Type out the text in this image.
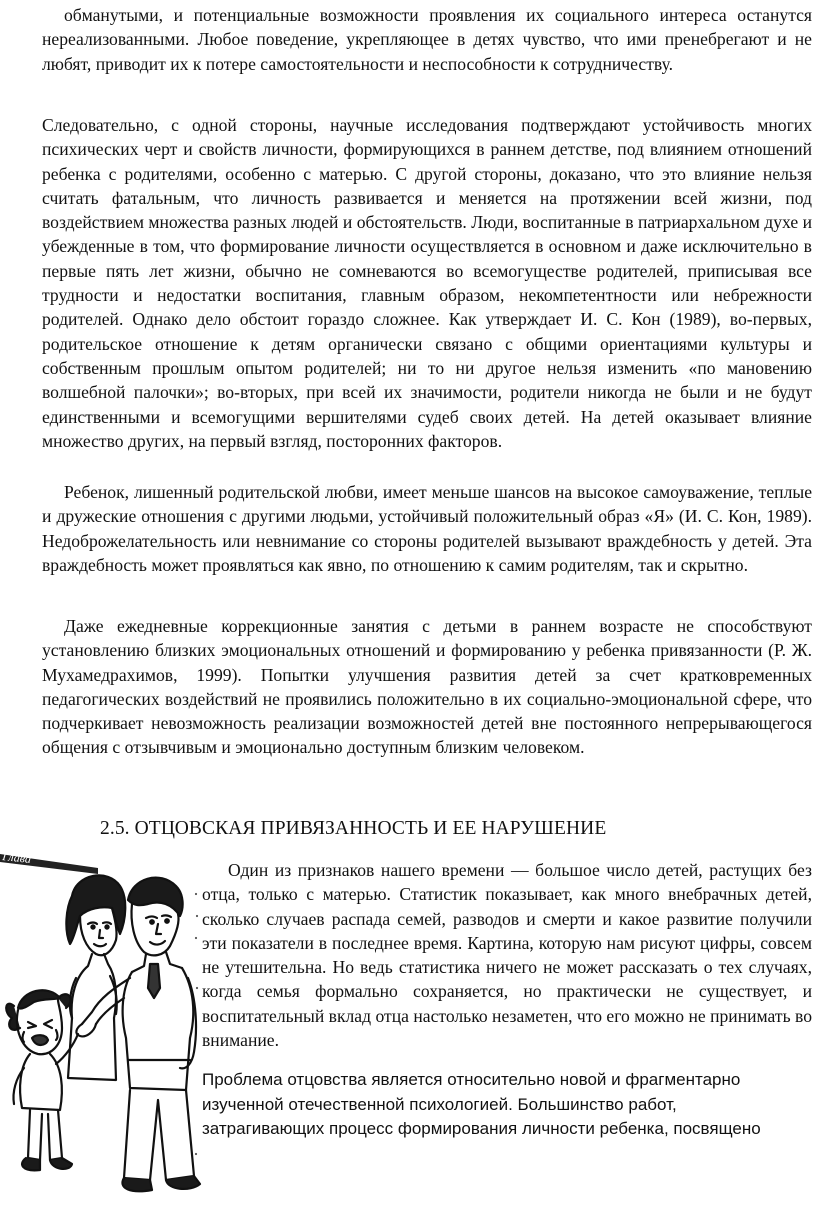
обманутыми, и потенциальные возможности проявления их социального интереса останутся нереализованными. Любое поведение, укрепляющее в детях чувство, что ими пренебрегают и не любят, приводит их к потере самостоятельности и неспособности к сотрудничеству.

Следовательно, с одной стороны, научные исследования подтверждают устойчивость многих психических черт и свойств личности, формирующихся в раннем детстве, под влиянием отношений ребенка с родителями, особенно с матерью. С другой стороны, доказано, что это влияние нельзя считать фатальным, что личность развивается и меняется на протяжении всей жизни, под воздействием множества разных людей и обстоятельств. Люди, воспитанные в патриархальном духе и убежденные в том, что формирование личности осуществляется в основном и даже исключительно в первые пять лет жизни, обычно не сомневаются во всемогуществе родителей, приписывая все трудности и недостатки воспитания, главным образом, некомпетентности или небрежности родителей. Однако дело обстоит гораздо сложнее. Как утверждает И. С. Кон (1989), во-первых, родительское отношение к детям органически связано с общими ориентациями культуры и собственным прошлым опытом родителей; ни то ни другое нельзя изменить «по мановению волшебной палочки»; во-вторых, при всей их значимости, родители никогда не были и не будут единственными и всемогущими вершителями судеб своих детей. На детей оказывает влияние множество других, на первый взгляд, посторонних факторов.

Ребенок, лишенный родительской любви, имеет меньше шансов на высокое самоуважение, теплые и дружеские отношения с другими людьми, устойчивый положительный образ «Я» (И. С. Кон, 1989). Недоброжелательность или невнимание со стороны родителей вызывают враждебность у детей. Эта враждебность может проявляться как явно, по отношению к самим родителям, так и скрытно.

Даже ежедневные коррекционные занятия с детьми в раннем возрасте не способствуют установлению близких эмоциональных отношений и формированию у ребенка привязанности (Р. Ж. Мухамедрахимов, 1999). Попытки улучшения развития детей за счет кратковременных педагогических воздействий не проявились положительно в их социально-эмоциональной сфере, что подчеркивает невозможность реализации возможностей детей вне постоянного непрерывающегося общения с отзывчивым и эмоционально доступным близким человеком.

2.5. ОТЦОВСКАЯ ПРИВЯЗАННОСТЬ И ЕЕ НАРУШЕНИЕ

Один из признаков нашего времени — большое число детей, растущих без отца, только с матерью. Статистик показывает, как много внебрачных детей, сколько случаев распада семей, разводов и смерти и какое развитие получили эти показатели в последнее время. Картина, которую нам рисуют цифры, совсем не утешительна. Но ведь статистика ничего не может рассказать о тех случаях, когда семья формально сохраняется, но практически не существует, и воспитательный вклад отца настолько незаметен, что его можно не принимать во внимание.

Проблема отцовства является относительно новой и фрагментарно изученной отечественной психологией. Большинство работ, затрагивающих процесс формирования личности ребенка, посвящено

Глава
